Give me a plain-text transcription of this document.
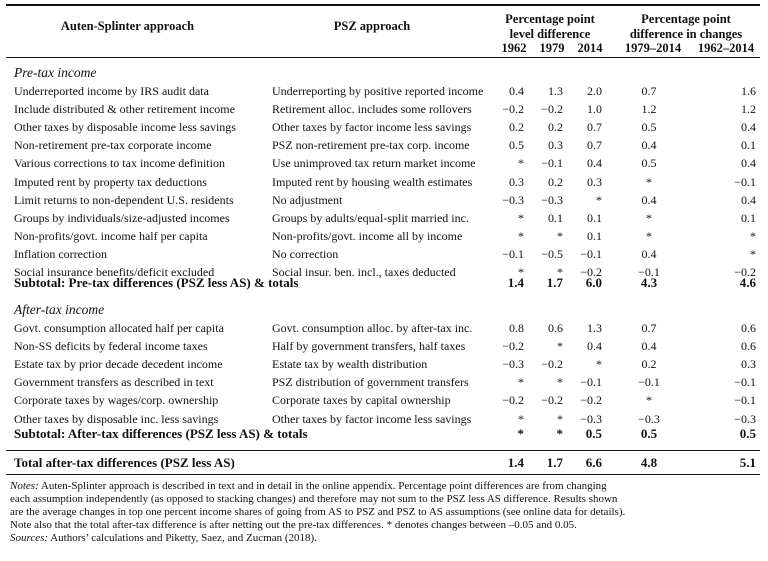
Auten-Splinter approach	PSZ approach	Percentage point
level difference
Percentage point
difference in changes
1962	1979	2014	1979–2014	1962–2014
Pre-tax income
Underreported income by IRS audit data	Underreporting by positive reported income	0.4	1.3	2.0	0.7	1.6
Include distributed & other retirement income	Retirement alloc. includes some rollovers	−0.2	−0.2	1.0	1.2	1.2
Other taxes by disposable income less savings	Other taxes by factor income less savings	0.2	0.2	0.7	0.5	0.4
Non-retirement pre-tax corporate income	PSZ non-retirement pre-tax corp. income	0.5	0.3	0.7	0.4	0.1
Various corrections to tax income definition	Use unimproved tax return market income	*	−0.1	0.4	0.5	0.4
Imputed rent by property tax deductions	Imputed rent by housing wealth estimates	0.3	0.2	0.3	*	−0.1
Limit returns to non-dependent U.S. residents	No adjustment	−0.3	−0.3	*	0.4	0.4
Groups by individuals/size-adjusted incomes	Groups by adults/equal-split married inc.	*	0.1	0.1	*	0.1
Non-profits/govt. income half per capita	Non-profits/govt. income all by income	*	*	0.1	*	*
Inflation correction	No correction	−0.1	−0.5	−0.1	0.4	*
Social insurance benefits/deficit excluded	Social insur. ben. incl., taxes deducted	*	*	−0.2	−0.1	−0.2
Subtotal: Pre-tax differences (PSZ less AS) & totals	1.4	1.7	6.0	4.3	4.6
After-tax income
Govt. consumption allocated half per capita	Govt. consumption alloc. by after-tax inc.	0.8	0.6	1.3	0.7	0.6
Non-SS deficits by federal income taxes	Half by government transfers, half taxes	−0.2	*	0.4	0.4	0.6
Estate tax by prior decade decedent income	Estate tax by wealth distribution	−0.3	−0.2	*	0.2	0.3
Government transfers as described in text	PSZ distribution of government transfers	*	*	−0.1	−0.1	−0.1
Corporate taxes by wages/corp. ownership	Corporate taxes by capital ownership	−0.2	−0.2	−0.2	*	−0.1
Other taxes by disposable inc. less savings	Other taxes by factor income less savings	*	*	−0.3	−0.3	−0.3
Subtotal: After-tax differences (PSZ less AS) & totals	*	*	0.5	0.5	0.5
Total after-tax differences (PSZ less AS)	1.4	1.7	6.6	4.8	5.1
Notes: Auten-Splinter approach is described in text and in detail in the online appendix. Percentage point differences are from changing
each assumption independently (as opposed to stacking changes) and therefore may not sum to the PSZ less AS difference. Results shown
are the average changes in top one percent income shares of going from AS to PSZ and PSZ to AS assumptions (see online data for details).
Note also that the total after-tax difference is after netting out the pre-tax differences. * denotes changes between –0.05 and 0.05.
Sources: Authors’ calculations and Piketty, Saez, and Zucman (2018).
